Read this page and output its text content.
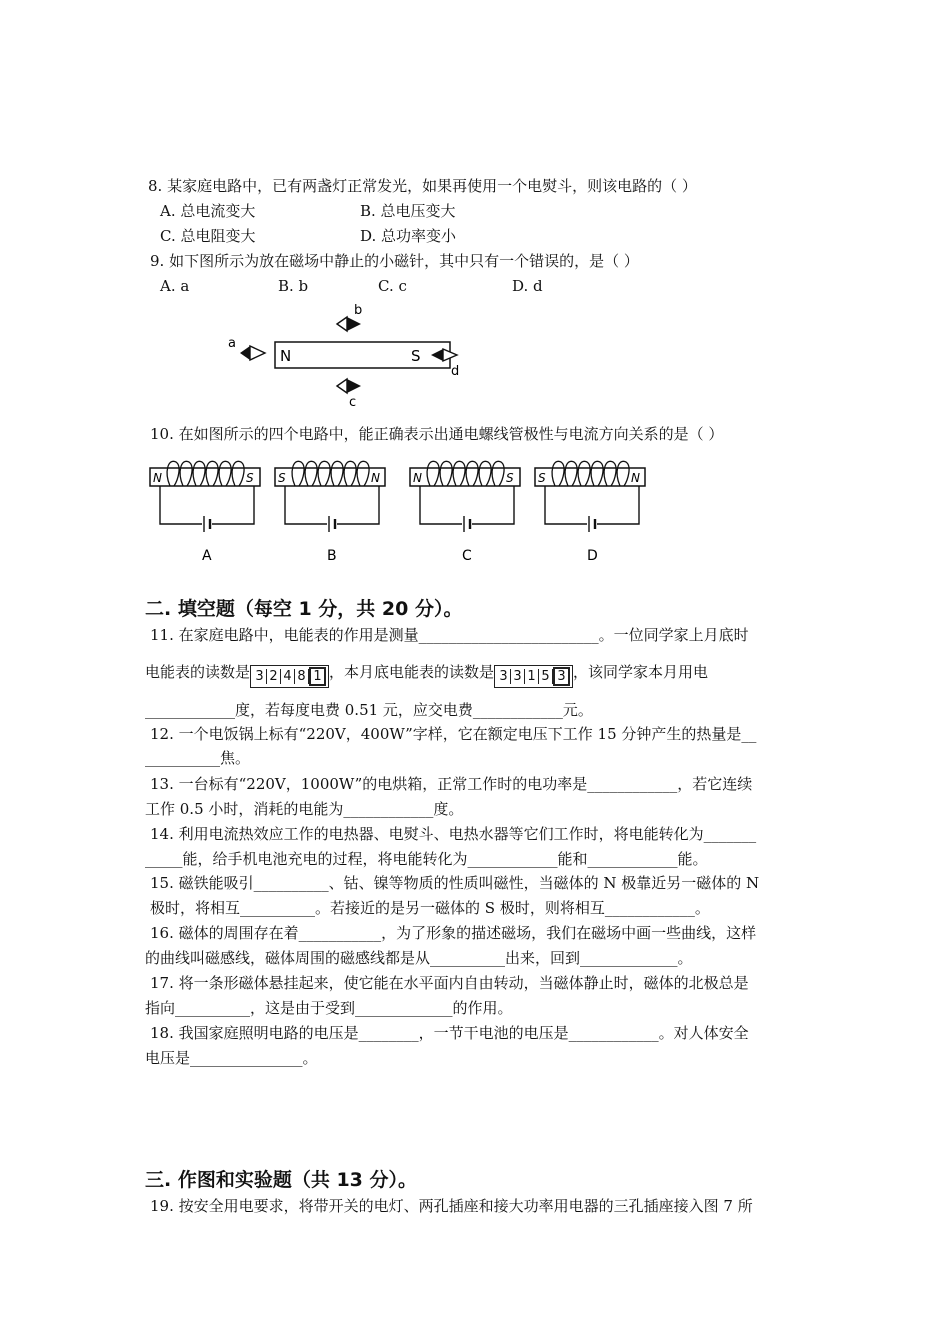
8. 某家庭电路中，已有两盏灯正常发光，如果再使用一个电熨斗，则该电路的（ ）
A. 总电流变大	B. 总电压变大
C. 总电阻变大	D. 总功率变小
9. 如下图所示为放在磁场中静止的小磁针，其中只有一个错误的，是（ ）
A. a	B. b	C. c	D. d
N	S
a
b
c
d
10. 在如图所示的四个电路中，能正确表示出通电螺线管极性与电流方向关系的是（ ）
N	S
A
S	N
B
N	S
C
S	N
D
二. 填空题（每空 1 分，共 20 分）。
11. 在家庭电路中，电能表的作用是测量________________________。一位同学家上月底时
电能表的读数是 3 2 4 8 1 ，本月底电能表的读数是 3 3 1 5 3 ，该同学家本月用电
____________度，若每度电费 0.51 元，应交电费____________元。
12. 一个电饭锅上标有“220V，400W”字样，它在额定电压下工作 15 分钟产生的热量是__
__________焦。
13. 一台标有“220V，1000W”的电烘箱，正常工作时的电功率是____________，若它连续
工作 0.5 小时，消耗的电能为____________度。
14. 利用电流热效应工作的电热器、电熨斗、电热水器等它们工作时，将电能转化为_______
_____能，给手机电池充电的过程，将电能转化为____________能和____________能。
15. 磁铁能吸引__________、钴、镍等物质的性质叫磁性，当磁体的 N 极靠近另一磁体的 N
极时，将相互__________。若接近的是另一磁体的 S 极时，则将相互____________。
16. 磁体的周围存在着___________，为了形象的描述磁场，我们在磁场中画一些曲线，这样
的曲线叫磁感线，磁体周围的磁感线都是从__________出来，回到_____________。
17. 将一条形磁体悬挂起来，使它能在水平面内自由转动，当磁体静止时，磁体的北极总是
指向__________，这是由于受到_____________的作用。
18. 我国家庭照明电路的电压是________，一节干电池的电压是____________。对人体安全
电压是_______________。
三. 作图和实验题（共 13 分）。
19. 按安全用电要求，将带开关的电灯、两孔插座和接大功率用电器的三孔插座接入图 7 所
